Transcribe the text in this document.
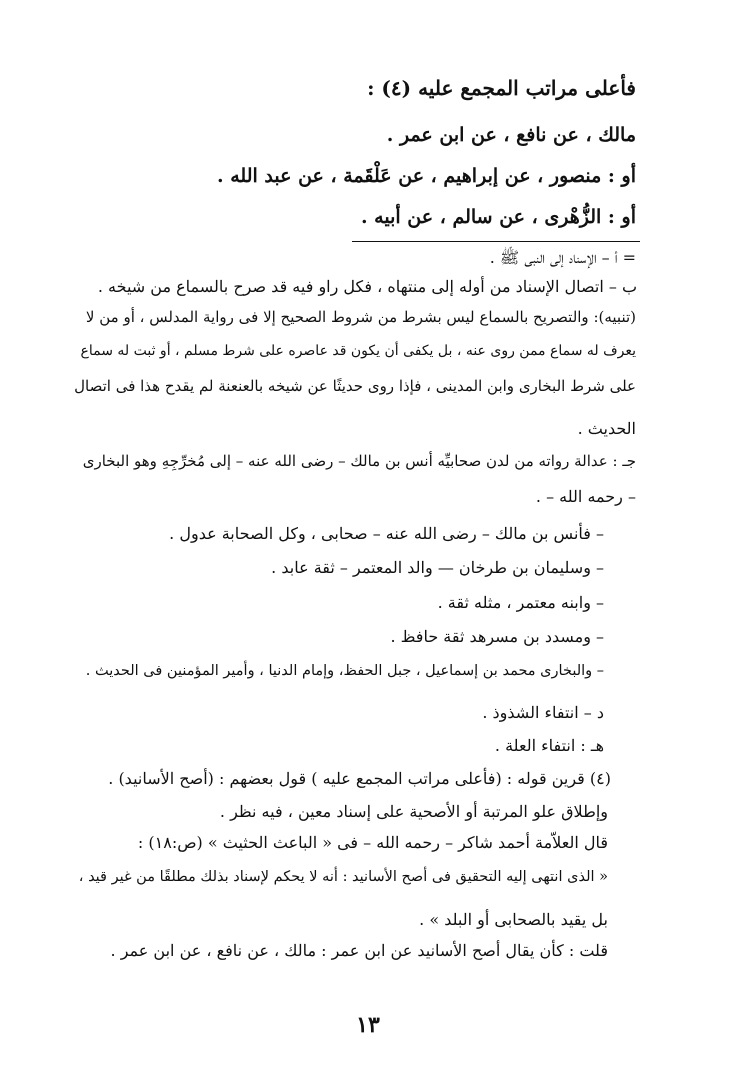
فأعلى مراتب المجمع عليه (٤) :
مالك ، عن نافع ، عن ابن عمر .
أو : منصور ، عن إبراهيم ، عن عَلْقَمة ، عن عبد الله .
أو : الزُّهْرى ، عن سالم ، عن أبيه .
= أ – الإسناد إلى النبى ﷺ .
ب – اتصال الإسناد من أوله إلى منتهاه ، فكل راو فيه قد صرح بالسماع من شيخه .
(تنبيه): والتصريح بالسماع ليس بشرط من شروط الصحيح إلا فى رواية المدلس ، أو من لا
يعرف له سماع ممن روى عنه ، بل يكفى أن يكون قد عاصره على شرط مسلم ، أو ثبت له سماع
على شرط البخارى وابن المدينى ، فإذا روى حديثًا عن شيخه بالعنعنة لم يقدح هذا فى اتصال
الحديث .
جـ : عدالة رواته من لدن صحابيِّه أنس بن مالك – رضى الله عنه – إلى مُخرِّجِهِ وهو البخارى
– رحمه الله – .
– فأنس بن مالك – رضى الله عنه – صحابى ، وكل الصحابة عدول .
– وسليمان بن طرخان — والد المعتمر – ثقة عابد .
– وابنه معتمر ، مثله ثقة .
– ومسدد بن مسرهد ثقة حافظ .
– والبخارى محمد بن إسماعيل ، جبل الحفظ، وإمام الدنيا ، وأمير المؤمنين فى الحديث .
د – انتفاء الشذوذ .
هـ : انتفاء العلة .
(٤) قرين قوله : (فأعلى مراتب المجمع عليه ) قول بعضهم : (أصح الأسانيد) .
وإطلاق علو المرتبة أو الأصحية على إسناد معين ، فيه نظر .
قال العلاّمة أحمد شاكر – رحمه الله – فى « الباعث الحثيث » (ص:١٨) :
« الذى انتهى إليه التحقيق فى أصح الأسانيد : أنه لا يحكم لإسناد بذلك مطلقًا من غير قيد ،
بل يقيد بالصحابى أو البلد » .
قلت : كأن يقال أصح الأسانيد عن ابن عمر : مالك ، عن نافع ، عن ابن عمر .
١٣
